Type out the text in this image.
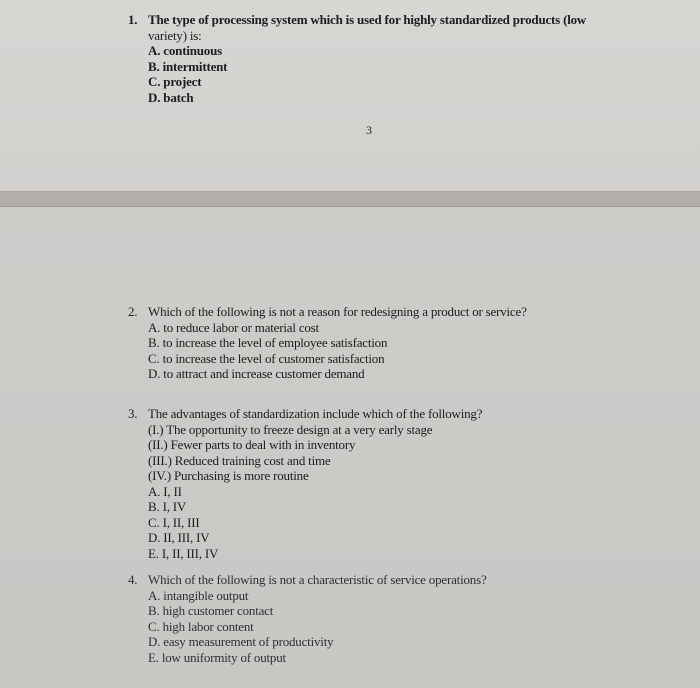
1. The type of processing system which is used for highly standardized products (low
variety) is:
A. continuous
B. intermittent
C. project
D. batch
3
2. Which of the following is not a reason for redesigning a product or service?
A. to reduce labor or material cost
B. to increase the level of employee satisfaction
C. to increase the level of customer satisfaction
D. to attract and increase customer demand
3. The advantages of standardization include which of the following?
(I.) The opportunity to freeze design at a very early stage
(II.) Fewer parts to deal with in inventory
(III.) Reduced training cost and time
(IV.) Purchasing is more routine
A. I, II
B. I, IV
C. I, II, III
D. II, III, IV
E. I, II, III, IV
4. Which of the following is not a characteristic of service operations?
A. intangible output
B. high customer contact
C. high labor content
D. easy measurement of productivity
E. low uniformity of output
